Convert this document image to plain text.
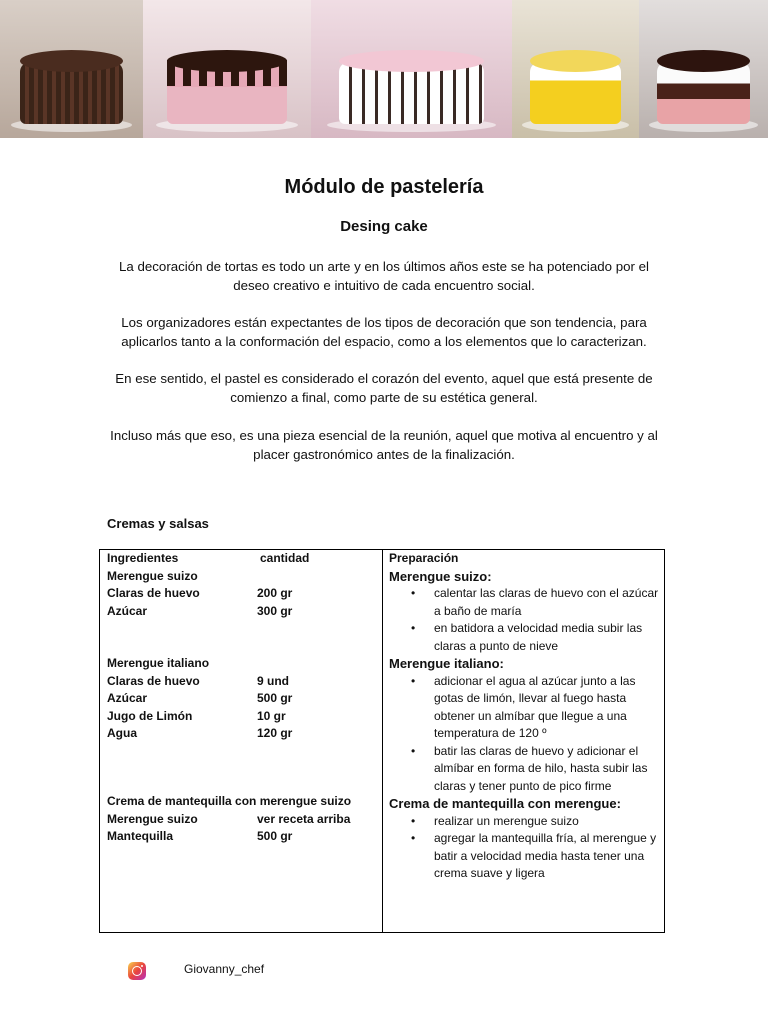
Módulo de pastelería
Desing cake
La decoración de tortas es todo un arte y en los últimos años este se ha potenciado por el deseo creativo e intuitivo de cada encuentro social.
Los organizadores están expectantes de los tipos de decoración que son tendencia, para aplicarlos tanto a la conformación del espacio, como a los elementos que lo caracterizan.
En ese sentido, el pastel es considerado el corazón del evento, aquel que está presente de comienzo a final, como parte de su estética general.
Incluso más que eso, es una pieza esencial de la reunión, aquel que motiva al encuentro y al placer gastronómico antes de la finalización.
Cremas y salsas
Ingredientes	cantidad
Merengue suizo
Claras de huevo	200 gr
Azúcar	300 gr
Merengue italiano
Claras de huevo	9 und
Azúcar	500 gr
Jugo de Limón	10 gr
Agua	120 gr
Crema de mantequilla con merengue suizo
Merengue suizo	ver receta arriba
Mantequilla	500 gr
Preparación
Merengue suizo:
• calentar las claras de huevo con el azúcar a baño de maría
• en batidora a velocidad media subir las claras a punto de nieve
Merengue italiano:
• adicionar el agua al azúcar junto a las gotas de limón, llevar al fuego hasta obtener un almíbar que llegue a una temperatura de 120 º
• batir las claras de huevo y adicionar el almíbar en forma de hilo, hasta subir las claras y tener punto de pico firme
Crema de mantequilla con merengue:
• realizar un merengue suizo
• agregar la mantequilla fría, al merengue y batir a velocidad media hasta tener una crema suave y ligera
Giovanny_chef
